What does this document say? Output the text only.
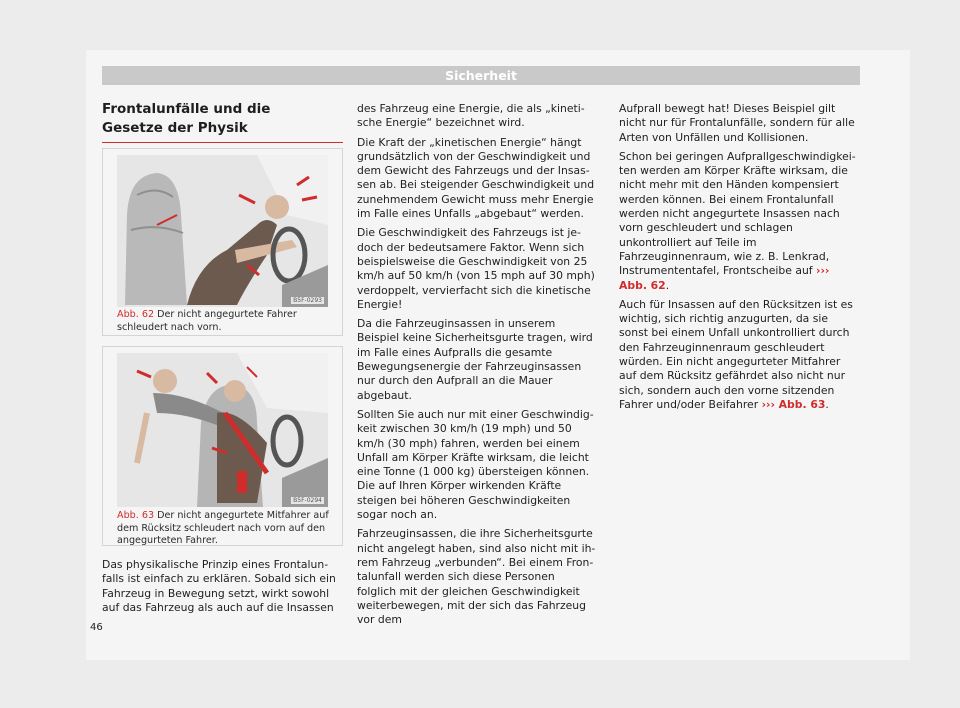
Sicherheit
Frontalunfälle und die Gesetze der Physik
B5F-0293
Abb. 62 Der nicht angegurtete Fahrer schleudert nach vorn.
B5F-0294
Abb. 63 Der nicht angegurtete Mitfahrer auf dem Rücksitz schleudert nach vorn auf den angegurteten Fahrer.

Das physikalische Prinzip eines Frontalunfalls ist einfach zu erklären. Sobald sich ein Fahrzeug in Bewegung setzt, wirkt sowohl auf das Fahrzeug als auch auf die Insassen

des Fahrzeug eine Energie, die als „kinetische Energie“ bezeichnet wird.

Die Kraft der „kinetischen Energie“ hängt grundsätzlich von der Geschwindigkeit und dem Gewicht des Fahrzeugs und der Insassen ab. Bei steigender Geschwindigkeit und zunehmendem Gewicht muss mehr Energie im Falle eines Unfalls „abgebaut“ werden.

Die Geschwindigkeit des Fahrzeugs ist jedoch der bedeutsamere Faktor. Wenn sich beispielsweise die Geschwindigkeit von 25 km/h auf 50 km/h (von 15 mph auf 30 mph) verdoppelt, vervierfacht sich die kinetische Energie!

Da die Fahrzeuginsassen in unserem Beispiel keine Sicherheitsgurte tragen, wird im Falle eines Aufpralls die gesamte Bewegungsenergie der Fahrzeuginsassen nur durch den Aufprall an die Mauer abgebaut.

Sollten Sie auch nur mit einer Geschwindigkeit zwischen 30 km/h (19 mph) und 50 km/h (30 mph) fahren, werden bei einem Unfall am Körper Kräfte wirksam, die leicht eine Tonne (1 000 kg) übersteigen können. Die auf Ihren Körper wirkenden Kräfte steigen bei höheren Geschwindigkeiten sogar noch an.

Fahrzeuginsassen, die ihre Sicherheitsgurte nicht angelegt haben, sind also nicht mit ihrem Fahrzeug „verbunden“. Bei einem Frontalunfall werden sich diese Personen folglich mit der gleichen Geschwindigkeit weiterbewegen, mit der sich das Fahrzeug vor dem

Aufprall bewegt hat! Dieses Beispiel gilt nicht nur für Frontalunfälle, sondern für alle Arten von Unfällen und Kollisionen.

Schon bei geringen Aufprallgeschwindigkeiten werden am Körper Kräfte wirksam, die nicht mehr mit den Händen kompensiert werden können. Bei einem Frontalunfall werden nicht angegurtete Insassen nach vorn geschleudert und schlagen unkontrolliert auf Teile im Fahrzeuginnenraum, wie z. B. Lenkrad, Instrumententafel, Frontscheibe auf ››› Abb. 62.

Auch für Insassen auf den Rücksitzen ist es wichtig, sich richtig anzugurten, da sie sonst bei einem Unfall unkontrolliert durch den Fahrzeuginnenraum geschleudert würden. Ein nicht angegurteter Mitfahrer auf dem Rücksitz gefährdet also nicht nur sich, sondern auch den vorne sitzenden Fahrer und/oder Beifahrer ››› Abb. 63.

46
